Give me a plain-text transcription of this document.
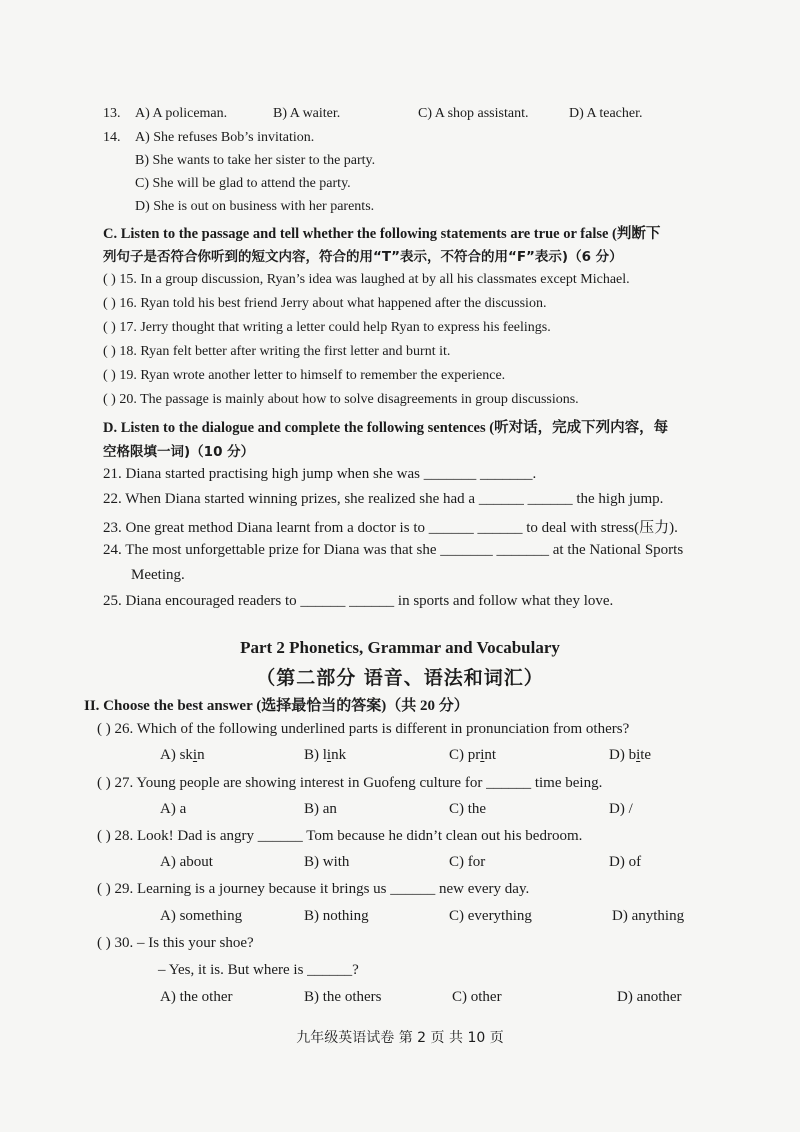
13. A) A policeman.	B) A waiter.	C) A shop assistant.	D) A teacher.
14. A) She refuses Bob’s invitation.
B) She wants to take her sister to the party.
C) She will be glad to attend the party.
D) She is out on business with her parents.
C. Listen to the passage and tell whether the following statements are true or false (判断下
列句子是否符合你听到的短文内容，符合的用“T”表示，不符合的用“F”表示)（6 分）
( ) 15. In a group discussion, Ryan’s idea was laughed at by all his classmates except Michael.
( ) 16. Ryan told his best friend Jerry about what happened after the discussion.
( ) 17. Jerry thought that writing a letter could help Ryan to express his feelings.
( ) 18. Ryan felt better after writing the first letter and burnt it.
( ) 19. Ryan wrote another letter to himself to remember the experience.
( ) 20. The passage is mainly about how to solve disagreements in group discussions.
D. Listen to the dialogue and complete the following sentences (听对话，完成下列内容，每
空格限填一词)（10 分）
21. Diana started practising high jump when she was _______ _______.
22. When Diana started winning prizes, she realized she had a ______ ______ the high jump.
23. One great method Diana learnt from a doctor is to ______ ______ to deal with stress(压力).
24. The most unforgettable prize for Diana was that she _______ _______ at the National Sports
Meeting.
25. Diana encouraged readers to ______ ______ in sports and follow what they love.
Part 2 Phonetics, Grammar and Vocabulary
（第二部分 语音、语法和词汇）
II. Choose the best answer (选择最恰当的答案)（共 20 分）
( ) 26. Which of the following underlined parts is different in pronunciation from others?
A) skin	B) link	C) print	D) bite
( ) 27. Young people are showing interest in Guofeng culture for ______ time being.
A) a	B) an	C) the	D) /
( ) 28. Look! Dad is angry ______ Tom because he didn’t clean out his bedroom.
A) about	B) with	C) for	D) of
( ) 29. Learning is a journey because it brings us ______ new every day.
A) something	B) nothing	C) everything	D) anything
( ) 30. – Is this your shoe?
– Yes, it is. But where is ______?
A) the other	B) the others	C) other	D) another
九年级英语试卷 第 2 页 共 10 页
